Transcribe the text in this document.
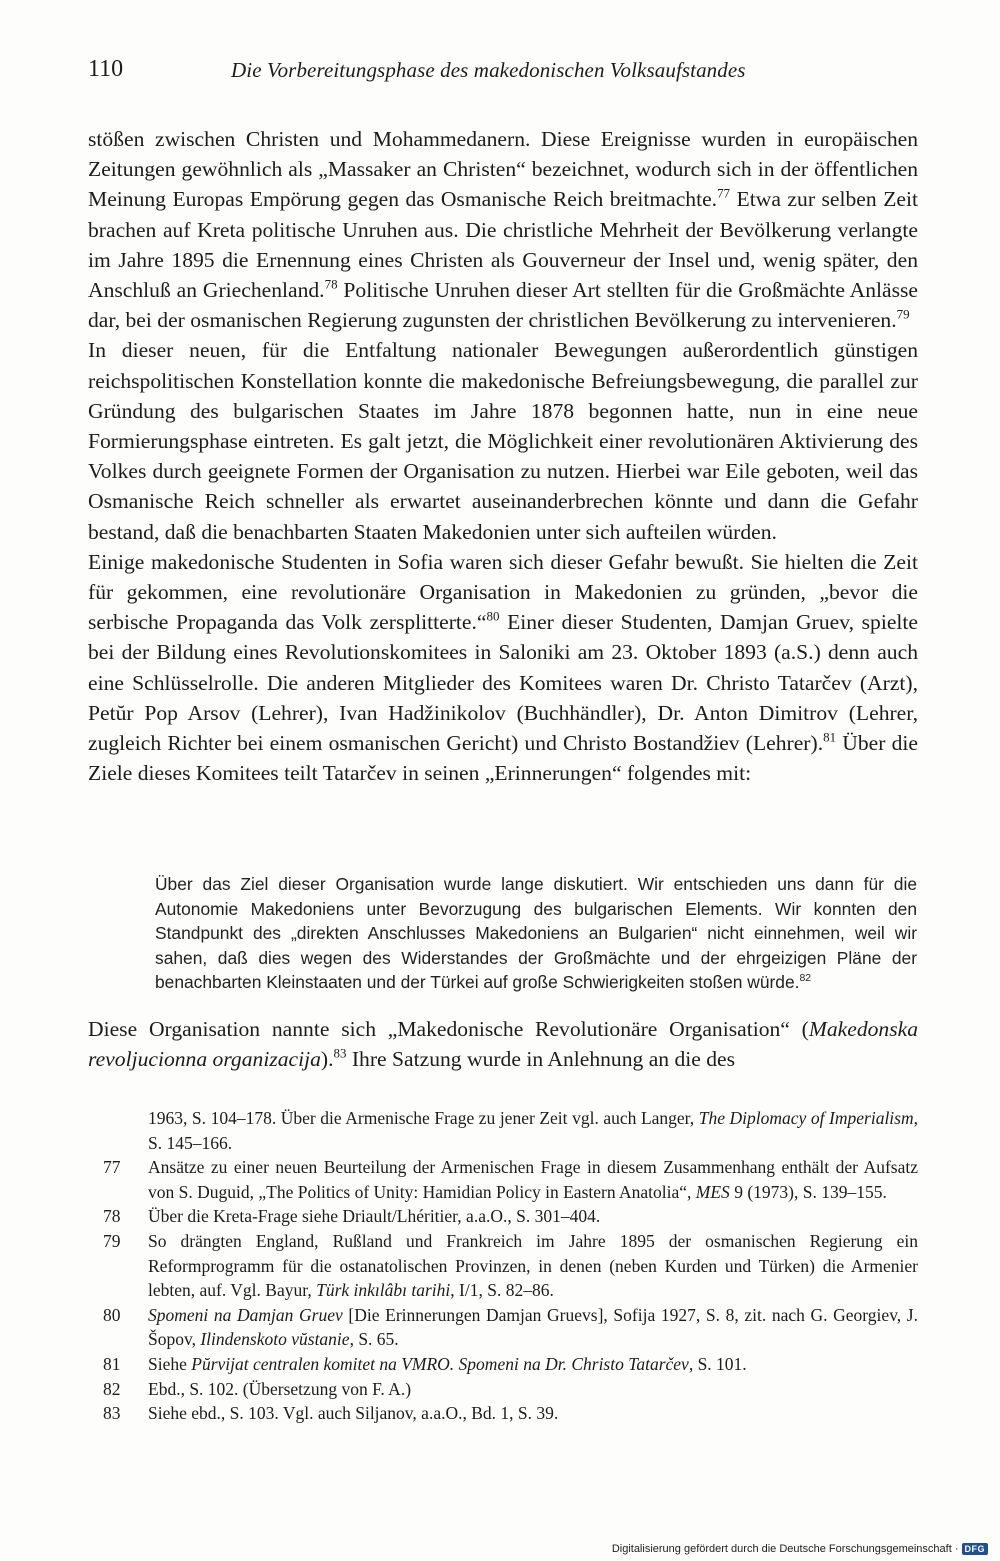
110	Die Vorbereitungsphase des makedonischen Volksaufstandes

stößen zwischen Christen und Mohammedanern. Diese Ereignisse wurden in europäischen Zeitungen gewöhnlich als „Massaker an Christen“ bezeichnet, wodurch sich in der öffentlichen Meinung Europas Empörung gegen das Osmanische Reich breitmachte.$^{77}$ Etwa zur selben Zeit brachen auf Kreta politische Unruhen aus. Die christliche Mehrheit der Bevölkerung verlangte im Jahre 1895 die Ernennung eines Christen als Gouverneur der Insel und, wenig später, den Anschluß an Griechenland.$^{78}$ Politische Unruhen dieser Art stellten für die Großmächte Anlässe dar, bei der osmanischen Regierung zugunsten der christlichen Bevölkerung zu intervenieren.$^{79}$

In dieser neuen, für die Entfaltung nationaler Bewegungen außerordentlich günstigen reichspolitischen Konstellation konnte die makedonische Befreiungsbewegung, die parallel zur Gründung des bulgarischen Staates im Jahre 1878 begonnen hatte, nun in eine neue Formierungsphase eintreten. Es galt jetzt, die Möglichkeit einer revolutionären Aktivierung des Volkes durch geeignete Formen der Organisation zu nutzen. Hierbei war Eile geboten, weil das Osmanische Reich schneller als erwartet auseinanderbrechen könnte und dann die Gefahr bestand, daß die benachbarten Staaten Makedonien unter sich aufteilen würden.

Einige makedonische Studenten in Sofia waren sich dieser Gefahr bewußt. Sie hielten die Zeit für gekommen, eine revolutionäre Organisation in Makedonien zu gründen, „bevor die serbische Propaganda das Volk zersplitterte.“$^{80}$ Einer dieser Studenten, Damjan Gruev, spielte bei der Bildung eines Revolutionskomitees in Saloniki am 23. Oktober 1893 (a.S.) denn auch eine Schlüsselrolle. Die anderen Mitglieder des Komitees waren Dr. Christo Tatarčev (Arzt), Petŭr Pop Arsov (Lehrer), Ivan Hadžinikolov (Buchhändler), Dr. Anton Dimitrov (Lehrer, zugleich Richter bei einem osmanischen Gericht) und Christo Bostandžiev (Lehrer).$^{81}$ Über die Ziele dieses Komitees teilt Tatarčev in seinen „Erinnerungen“ folgendes mit:

Über das Ziel dieser Organisation wurde lange diskutiert. Wir entschieden uns dann für die Autonomie Makedoniens unter Bevorzugung des bulgarischen Elements. Wir konnten den Standpunkt des „direkten Anschlusses Makedoniens an Bulgarien“ nicht einnehmen, weil wir sahen, daß dies wegen des Widerstandes der Großmächte und der ehrgeizigen Pläne der benachbarten Kleinstaaten und der Türkei auf große Schwierigkeiten stoßen würde.$^{82}$

Diese Organisation nannte sich „Makedonische Revolutionäre Organisation“ (Makedonska revoljucionna organizacija).$^{83}$ Ihre Satzung wurde in Anlehnung an die des

1963, S. 104–178. Über die Armenische Frage zu jener Zeit vgl. auch Langer, The Diplomacy of Imperialism, S. 145–166.

77 Ansätze zu einer neuen Beurteilung der Armenischen Frage in diesem Zusammenhang enthält der Aufsatz von S. Duguid, „The Politics of Unity: Hamidian Policy in Eastern Anatolia“, MES 9 (1973), S. 139–155.

78 Über die Kreta-Frage siehe Driault/Lhéritier, a.a.O., S. 301–404.

79 So drängten England, Rußland und Frankreich im Jahre 1895 der osmanischen Regierung ein Reformprogramm für die ostanatolischen Provinzen, in denen (neben Kurden und Türken) die Armenier lebten, auf. Vgl. Bayur, Türk inkılâbı tarihi, I/1, S. 82–86.

80 Spomeni na Damjan Gruev [Die Erinnerungen Damjan Gruevs], Sofija 1927, S. 8, zit. nach G. Georgiev, J. Šopov, Ilindenskoto vŭstanie, S. 65.

81 Siehe Pŭrvijat centralen komitet na VMRO. Spomeni na Dr. Christo Tatarčev, S. 101.

82 Ebd., S. 102. (Übersetzung von F. A.)

83 Siehe ebd., S. 103. Vgl. auch Siljanov, a.a.O., Bd. 1, S. 39.

Digitalisierung gefördert durch die Deutsche Forschungsgemeinschaft · DFG
